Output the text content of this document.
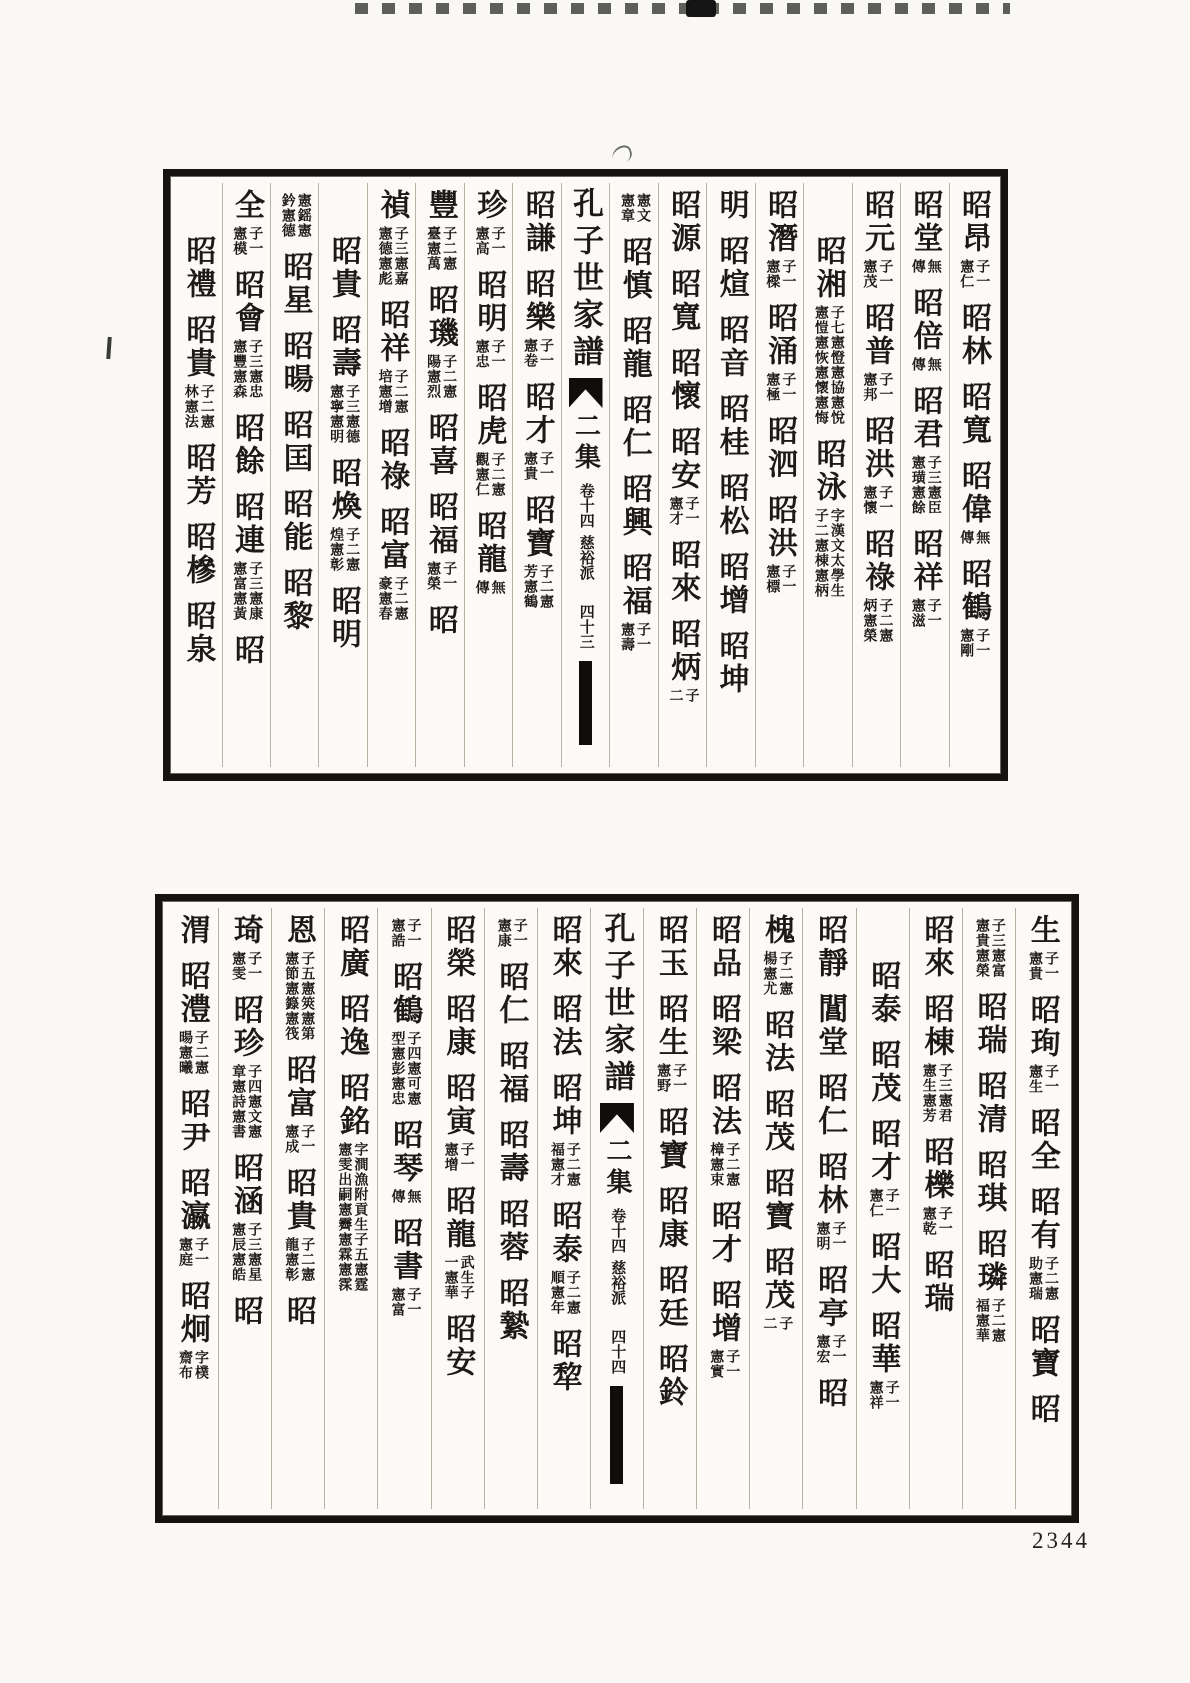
昭昂
子一
憲仁
昭林
昭寬
昭偉
無
傳
昭鶴
子一
憲剛
昭堂
無
傳
昭倍
無
傳
昭君
子三憲臣
憲璜憲餘
昭祥
子一
憲滋
昭元
子一
憲茂
昭普
子一
憲邦
昭洪
子一
憲懷
昭祿
子二憲
炳憲榮
昭湘
子七憲憕憲協憲悅
憲愷憲恢憲懷憲悔
昭泳
字漢文太學生
子二憲棟憲柄
昭潛
子一
憲樑
昭涌
子一
憲極
昭泗
昭洪
子一
憲標
明
昭煊
昭音
昭桂
昭松
昭增
昭坤
昭源
昭寬
昭懷
昭安
子一
憲才
昭來
昭炳
子
二
憲文
憲章
昭慎
昭龍
昭仁
昭興
昭福
子一
憲壽
孔子世家譜
二集
卷十四
慈裕派
四十三
昭謙
昭樂
子一
憲卷
昭才
子一
憲貴
昭寶
子二憲
芳憲鶴
珍
子一
憲高
昭明
子一
憲忠
昭虎
子二憲
觀憲仁
昭龍
無
傳
豐
子二憲
臺憲萬
昭璣
子二憲
陽憲烈
昭喜
昭福
子一
憲榮
昭
禎
子三憲嘉
憲德憲彪
昭祥
子二憲
培憲增
昭祿
昭富
子二憲
豪憲春
昭貴
昭壽
子三憲德
憲寧憲明
昭煥
子二憲
煌憲彰
昭明
憲鎐憲
鈐憲德
昭星
昭暘
昭囯
昭能
昭黎
全
子一
憲模
昭會
子三憲忠
憲豐憲森
昭餘
昭連
子三憲康
憲富憲黃
昭
昭禮
昭貴
子二憲
林憲法
昭芳
昭槮
昭泉
生
子一
憲貴
昭珣
子一
憲生
昭全
昭有
子二憲
助憲瑞
昭寶
昭
子三憲富
憲貴憲榮
昭瑞
昭清
昭琪
昭璘
子二憲
福憲華
昭來
昭棟
子三憲君
憲生憲芳
昭櫟
子一
憲乾
昭瑞
昭泰
昭茂
昭才
子一
憲仁
昭大
昭華
子一
憲祥
昭靜
閶堂
昭仁
昭林
子一
憲明
昭亭
子一
憲宏
昭
槐
子二憲
楊憲尤
昭法
昭茂
昭寶
昭茂
子
二
昭品
昭梁
昭法
子二憲
樟憲束
昭才
昭增
子一
憲實
昭玉
昭生
子一
憲野
昭寶
昭康
昭廷
昭鈴
孔子世家譜
二集
卷十四
慈裕派
四十四
昭來
昭法
昭坤
子二憲
福憲才
昭泰
子二憲
順憲年
昭犂
子一
憲康
昭仁
昭福
昭壽
昭蓉
昭縶
昭榮
昭康
昭寅
子一
憲增
昭龍
武生子
一憲華
昭安
子一
憲誥
昭鶴
子四憲可憲
型憲彭憲忠
昭琴
無
傳
昭書
子一
憲富
昭廣
昭逸
昭銘
字澗漁附貢生子五憲霆
憲雯出嗣憲霽憲霖憲霂
恩
子五憲筴憲第
憲節憲籙憲筏
昭富
子一
憲成
昭貴
子二憲
龍憲彰
昭
琦
子一
憲雯
昭珍
子四憲文憲
章憲詩憲書
昭涵
子三憲星
憲辰憲皓
昭
渭
昭澧
子二憲
暘憲曦
昭尹
昭瀛
子一
憲庭
昭炯
字樸
齋布
2344
